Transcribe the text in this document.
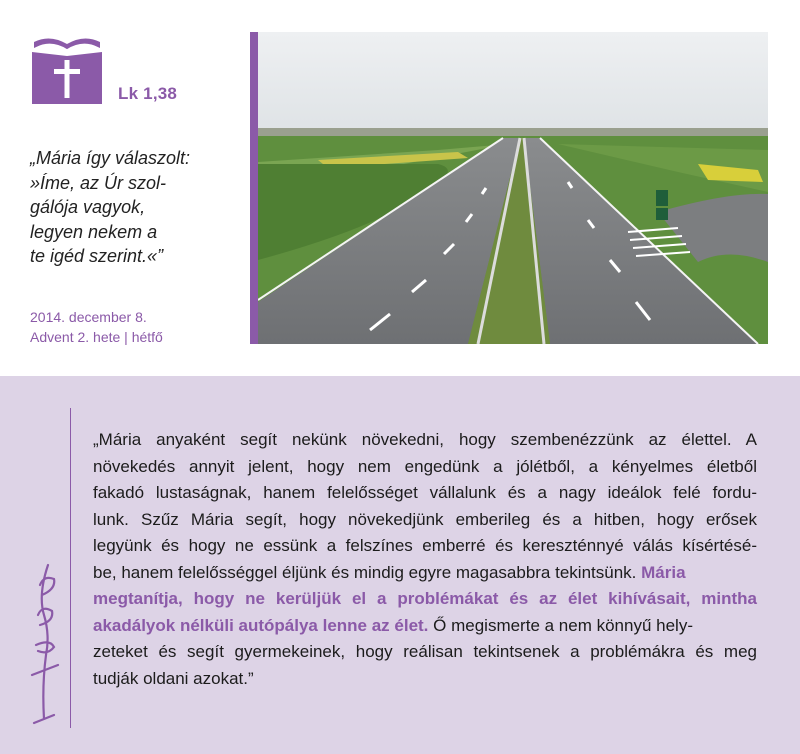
Lk 1,38

„Mária így válaszolt:
»Íme, az Úr szol-
gálója vagyok,
legyen nekem a
te igéd szerint.«”

2014. december 8.
Advent 2. hete | hétfő

„Mária anyaként segít nekünk növekedni, hogy szembenézzünk az élettel. A
növekedés annyit jelent, hogy nem engedünk a jólétből, a kényelmes életből
fakadó lustaságnak, hanem felelősséget vállalunk és a nagy ideálok felé fordu-
lunk. Szűz Mária segít, hogy növekedjünk emberileg és a hitben, hogy erősek
legyünk és hogy ne essünk a felszínes emberré és kereszténnyé válás kísértésé-
be, hanem felelősséggel éljünk és mindig egyre magasabbra tekintsünk. Mária
megtanítja, hogy ne kerüljük el a problémákat és az élet kihívásait, mintha
akadályok nélküli autópálya lenne az élet. Ő megismerte a nem könnyű hely-
zeteket és segít gyermekeinek, hogy reálisan tekintsenek a problémákra és meg
tudják oldani azokat.”
